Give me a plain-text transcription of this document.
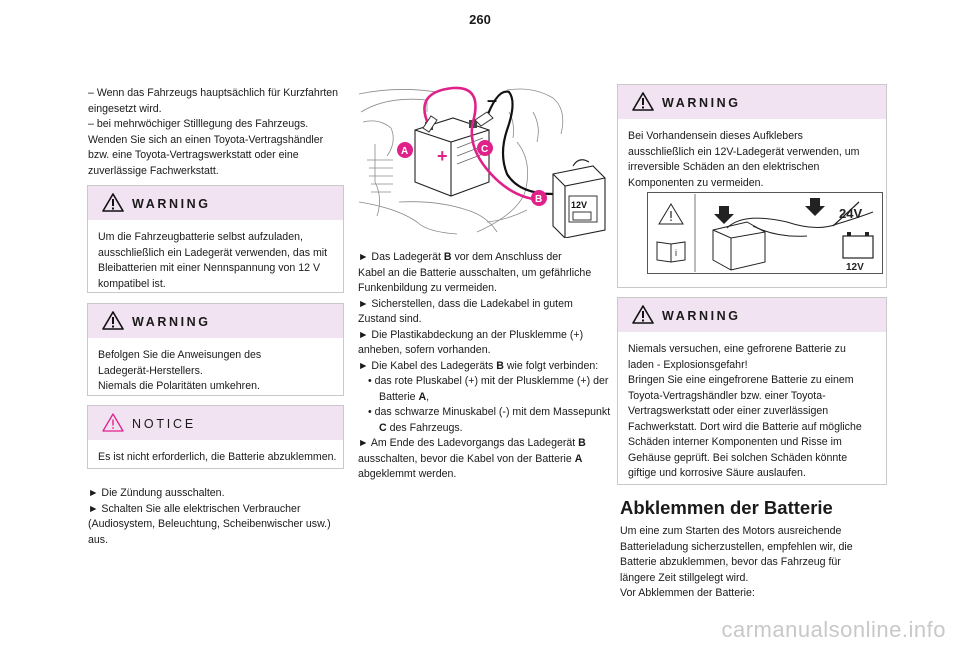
260
– Wenn das Fahrzeugs hauptsächlich für Kurzfahrten
eingesetzt wird.
– bei mehrwöchiger Stilllegung des Fahrzeugs.
Wenden Sie sich an einen Toyota-Vertragshändler
bzw. eine Toyota-Vertragswerkstatt oder eine
zuverlässige Fachwerkstatt.
WARNING
Um die Fahrzeugbatterie selbst aufzuladen,
ausschließlich ein Ladegerät verwenden, das mit
Bleibatterien mit einer Nennspannung von 12 V
kompatibel ist.
WARNING
Befolgen Sie die Anweisungen des
Ladegerät-Herstellers.
Niemals die Polaritäten umkehren.
NOTICE
Es ist nicht erforderlich, die Batterie abzuklemmen.
► Die Zündung ausschalten.
► Schalten Sie alle elektrischen Verbraucher
(Audiosystem, Beleuchtung, Scheibenwischer usw.)
aus.
+
–
12V
A	C
B
► Das Ladegerät B vor dem Anschluss der
Kabel an die Batterie ausschalten, um gefährliche
Funkenbildung zu vermeiden.
► Sicherstellen, dass die Ladekabel in gutem
Zustand sind.
► Die Plastikabdeckung an der Plusklemme (+)
anheben, sofern vorhanden.
► Die Kabel des Ladegeräts B wie folgt verbinden:
• das rote Pluskabel (+) mit der Plusklemme (+) der
Batterie A,
• das schwarze Minuskabel (-) mit dem Massepunkt
C des Fahrzeugs.
► Am Ende des Ladevorgangs das Ladegerät B
ausschalten, bevor die Kabel von der Batterie A
abgeklemmt werden.
WARNING
Bei Vorhandensein dieses Aufklebers
ausschließlich ein 12V-Ladegerät verwenden, um
irreversible Schäden an den elektrischen
Komponenten zu vermeiden.
i
24V
12V
WARNING
Niemals versuchen, eine gefrorene Batterie zu
laden - Explosionsgefahr!
Bringen Sie eine eingefrorene Batterie zu einem
Toyota-Vertragshändler bzw. einer Toyota-
Vertragswerkstatt oder einer zuverlässigen
Fachwerkstatt. Dort wird die Batterie auf mögliche
Schäden interner Komponenten und Risse im
Gehäuse geprüft. Bei solchen Schäden könnte
giftige und korrosive Säure auslaufen.
Abklemmen der Batterie
Um eine zum Starten des Motors ausreichende
Batterieladung sicherzustellen, empfehlen wir, die
Batterie abzuklemmen, bevor das Fahrzeug für
längere Zeit stillgelegt wird.
Vor Abklemmen der Batterie:
carmanualsonline.info
